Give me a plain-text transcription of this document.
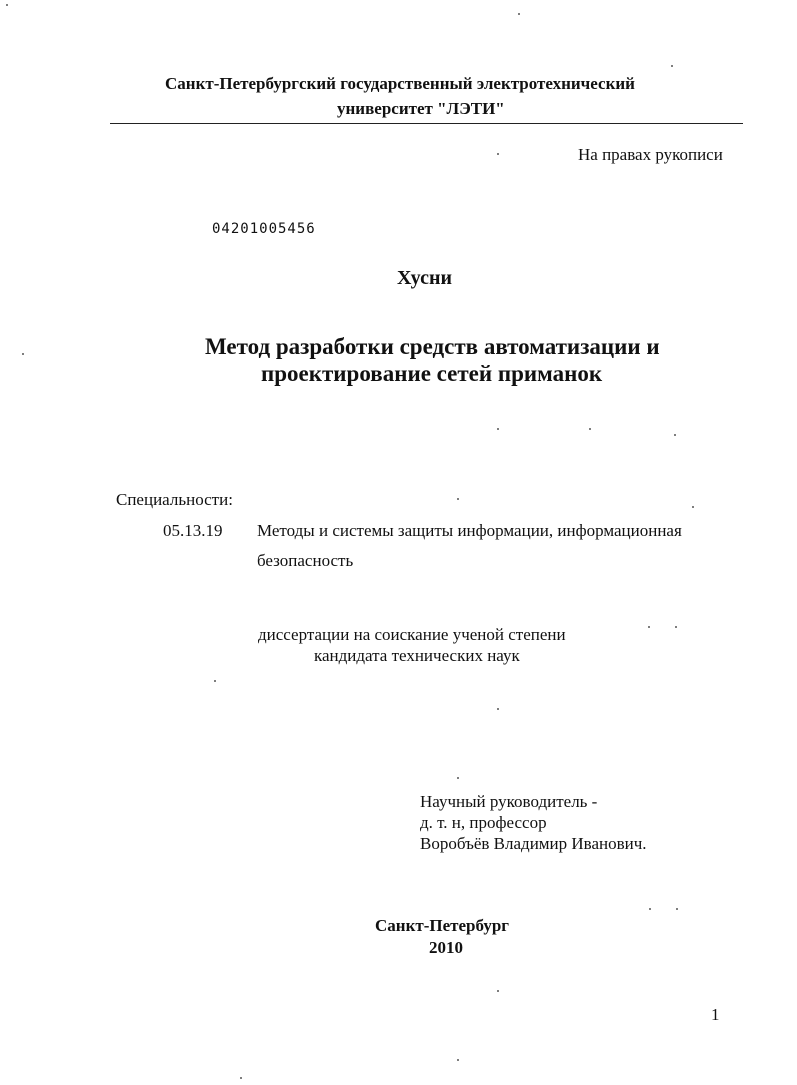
Санкт-Петербургский государственный электротехнический
университет "ЛЭТИ"
На правах рукописи
04201005456
Хусни
Метод разработки средств автоматизации и
проектирование сетей приманок
Специальности:
05.13.19 Методы и системы защиты информации, информационная
безопасность
диссертации на соискание ученой степени
кандидата технических наук
Научный руководитель -
д. т. н, профессор
Воробъёв Владимир Иванович.
Санкт-Петербург
2010
1
